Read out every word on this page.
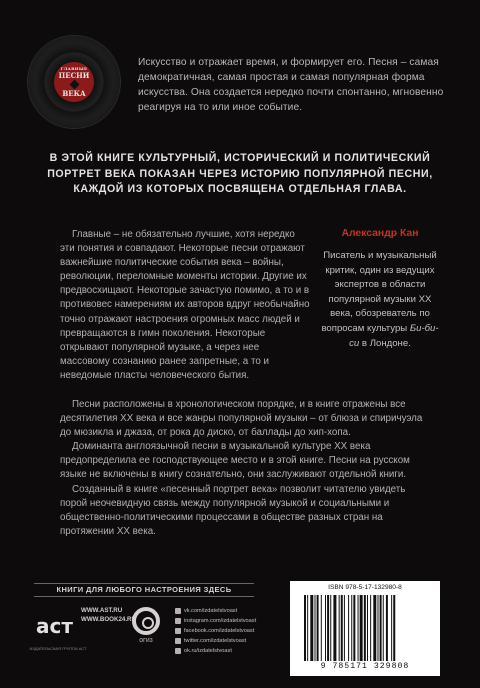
ГЛАВНЫЕ
ПЕСНИ
ВЕКА

Искусство и отражает время, и формирует его. Песня – самая демократичная, самая простая и самая популярная форма искусства. Она создается нередко почти спонтанно, мгновенно реагируя на то или иное событие.

В ЭТОЙ КНИГЕ КУЛЬТУРНЫЙ, ИСТОРИЧЕСКИЙ И ПОЛИТИЧЕСКИЙ ПОРТРЕТ ВЕКА ПОКАЗАН ЧЕРЕЗ ИСТОРИЮ ПОПУЛЯРНОЙ ПЕСНИ, КАЖДОЙ ИЗ КОТОРЫХ ПОСВЯЩЕНА ОТДЕЛЬНАЯ ГЛАВА.

Главные – не обязательно лучшие, хотя нередко эти понятия и совпадают. Некоторые песни отражают важнейшие политические события века – войны, революции, переломные моменты истории. Другие их предвосхищают. Некоторые зачастую помимо, а то и в противовес намерениям их авторов вдруг необычайно точно отражают настроения огромных масс людей и превращаются в гимн поколения. Некоторые открывают популярной музыке, а через нее массовому сознанию ранее запретные, а то и неведомые пласты человеческого бытия.

Песни расположены в хронологическом порядке, и в книге отражены все десятилетия XX века и все жанры популярной музыки – от блюза и спиричуэла до мюзикла и джаза, от рока до диско, от баллады до хип-хопа.

Доминанта англоязычной песни в музыкальной культуре XX века предопределила ее господствующее место и в этой книге. Песни на русском языке не включены в книгу сознательно, они заслуживают отдельной книги.

Созданный в книге «песенный портрет века» позволит читателю увидеть порой неочевидную связь между популярной музыкой и социальными и общественно-политическими процессами в обществе разных стран на протяжении XX века.

Александр Кан

Писатель и музыкальный критик, один из ведущих экспертов в области популярной музыки XX века, обозреватель по вопросам культуры Би-би-си в Лондоне.

КНИГИ ДЛЯ ЛЮБОГО НАСТРОЕНИЯ ЗДЕСЬ
аст
ИЗДАТЕЛЬСКАЯ ГРУППА АСТ
WWW.AST.RU
WWW.BOOK24.RU
ОГИЗ
vk.com/izdatelstvoast
instagram.com/izdatelstvoast
facebook.com/izdatelstvoast
twitter.com/izdatelstvoast
ok.ru/izdatelstvoast
ISBN 978-5-17-132980-8
9 785171 329808
